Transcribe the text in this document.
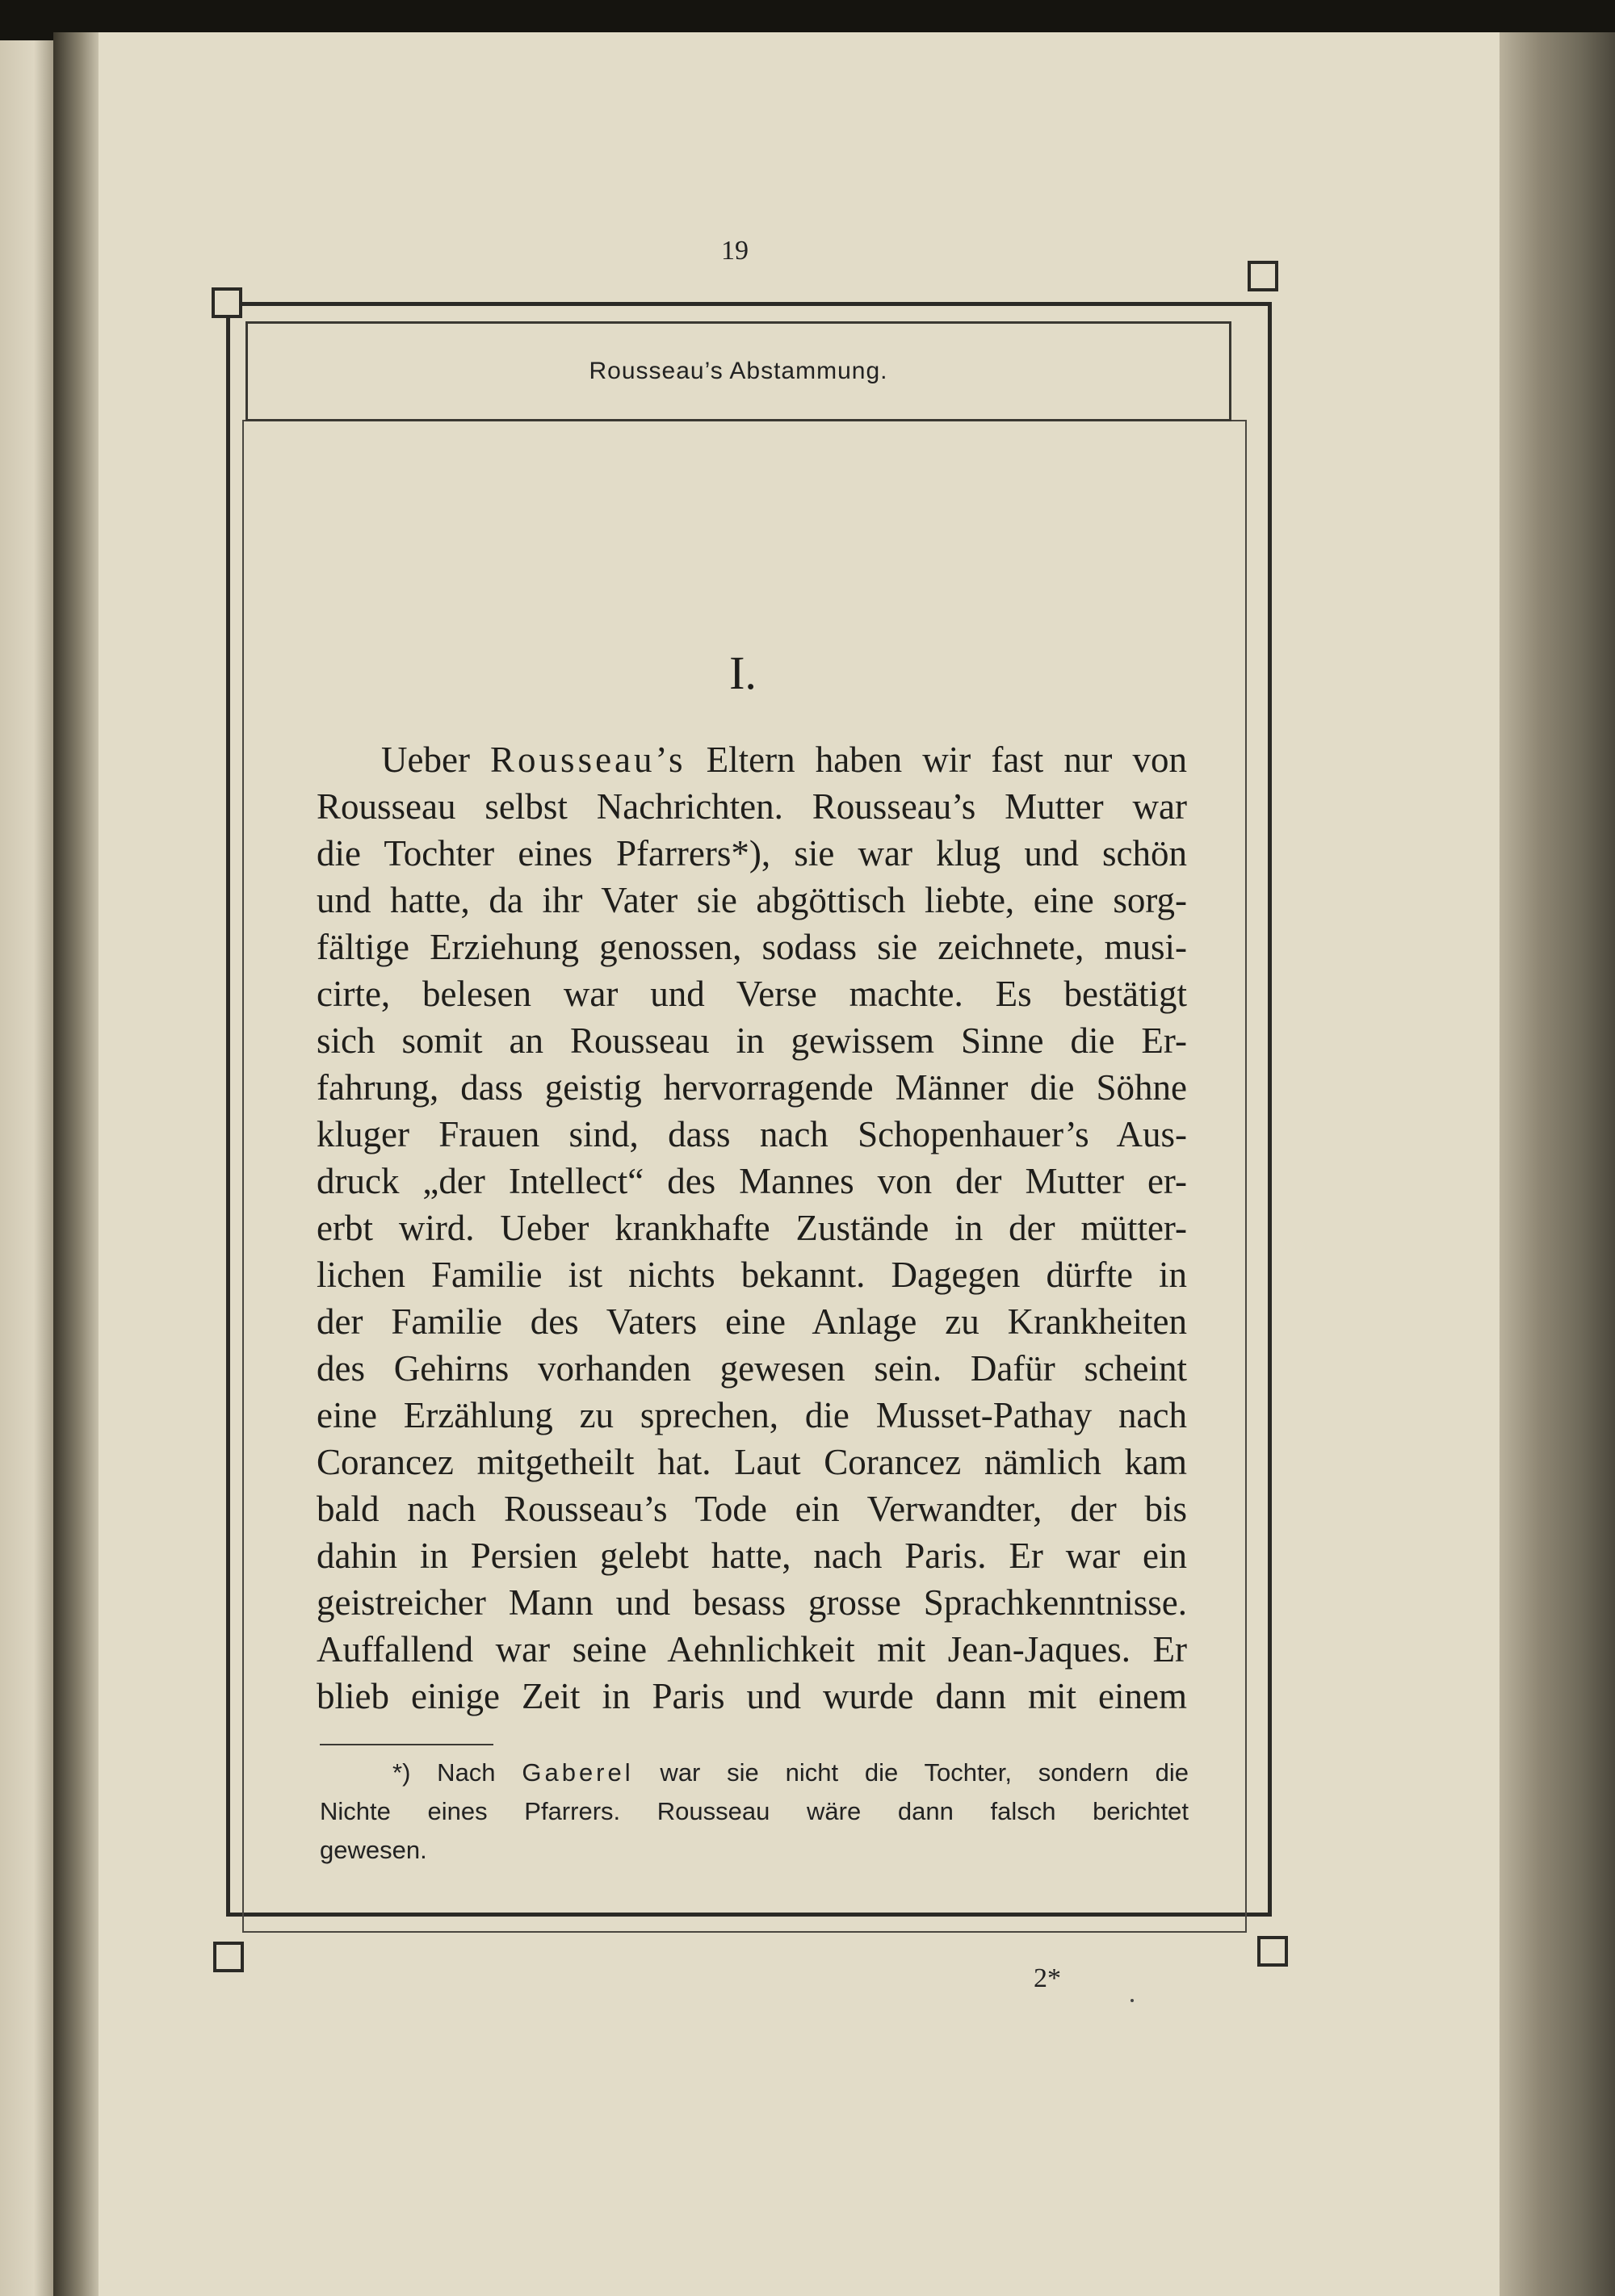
19
Rousseau’s Abstammung.
I.
Ueber Rousseau’s Eltern haben wir fast nur von
Rousseau selbst Nachrichten. Rousseau’s Mutter war
die Tochter eines Pfarrers*), sie war klug und schön
und hatte, da ihr Vater sie abgöttisch liebte, eine sorg-
fältige Erziehung genossen, sodass sie zeichnete, musi-
cirte, belesen war und Verse machte. Es bestätigt
sich somit an Rousseau in gewissem Sinne die Er-
fahrung, dass geistig hervorragende Männer die Söhne
kluger Frauen sind, dass nach Schopenhauer’s Aus-
druck „der Intellect“ des Mannes von der Mutter er-
erbt wird. Ueber krankhafte Zustände in der mütter-
lichen Familie ist nichts bekannt. Dagegen dürfte in
der Familie des Vaters eine Anlage zu Krankheiten
des Gehirns vorhanden gewesen sein. Dafür scheint
eine Erzählung zu sprechen, die Musset-Pathay nach
Corancez mitgetheilt hat. Laut Corancez nämlich kam
bald nach Rousseau’s Tode ein Verwandter, der bis
dahin in Persien gelebt hatte, nach Paris. Er war ein
geistreicher Mann und besass grosse Sprachkenntnisse.
Auffallend war seine Aehnlichkeit mit Jean-Jaques. Er
blieb einige Zeit in Paris und wurde dann mit einem
*) Nach Gaberel war sie nicht die Tochter, sondern die
Nichte eines Pfarrers. Rousseau wäre dann falsch berichtet
gewesen.
2*
